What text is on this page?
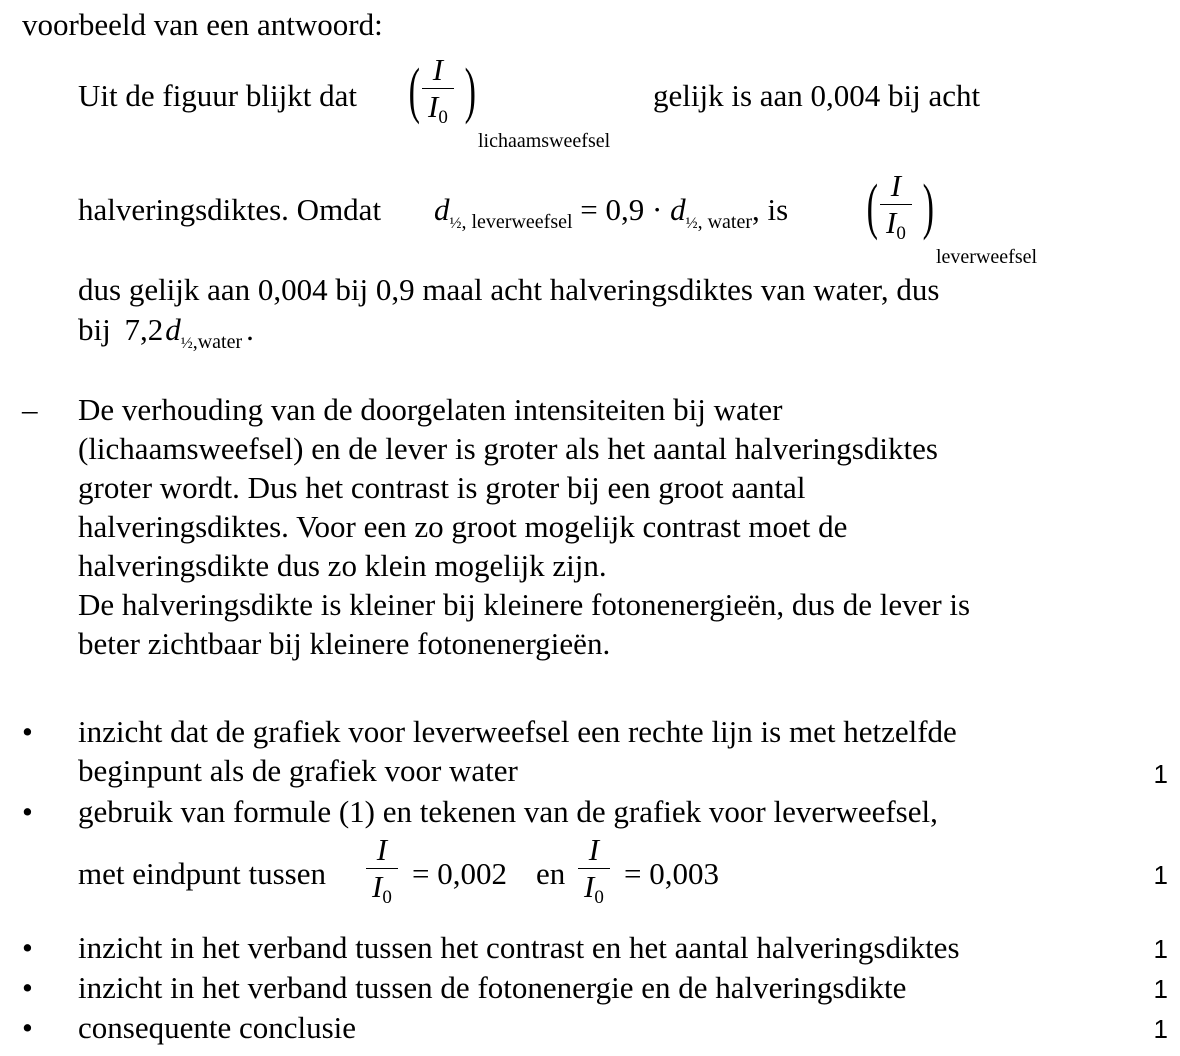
voorbeeld van een antwoord:
Uit de figuur blijkt dat ( $\frac{I}{I_0}$ )
lichaamsweefsel
gelijk is aan 0,004 bij acht
halveringsdiktes. Omdat $d_{\frac{1}{2}, leverweefsel} = 0,9 \cdot d_{\frac{1}{2}, water}$, is ( $\frac{I}{I_0}$ )
leverweefsel
dus gelijk aan 0,004 bij 0,9 maal acht halveringsdiktes van water, dus
bij $7,2d_{\frac{1}{2},water}$ .
– De verhouding van de doorgelaten intensiteiten bij water
(lichaamsweefsel) en de lever is groter als het aantal halveringsdiktes
groter wordt. Dus het contrast is groter bij een groot aantal
halveringsdiktes. Voor een zo groot mogelijk contrast moet de
halveringsdikte dus zo klein mogelijk zijn.
De halveringsdikte is kleiner bij kleinere fotonenergieën, dus de lever is
beter zichtbaar bij kleinere fotonenergieën.
• inzicht dat de grafiek voor leverweefsel een rechte lijn is met hetzelfde
beginpunt als de grafiek voor water	1
• gebruik van formule (1) en tekenen van de grafiek voor leverweefsel,
met eindpunt tussen $\frac{I}{I_0} = 0,002$ en $\frac{I}{I_0} = 0,003$	1
• inzicht in het verband tussen het contrast en het aantal halveringsdiktes	1
• inzicht in het verband tussen de fotonenergie en de halveringsdikte	1
• consequente conclusie	1
